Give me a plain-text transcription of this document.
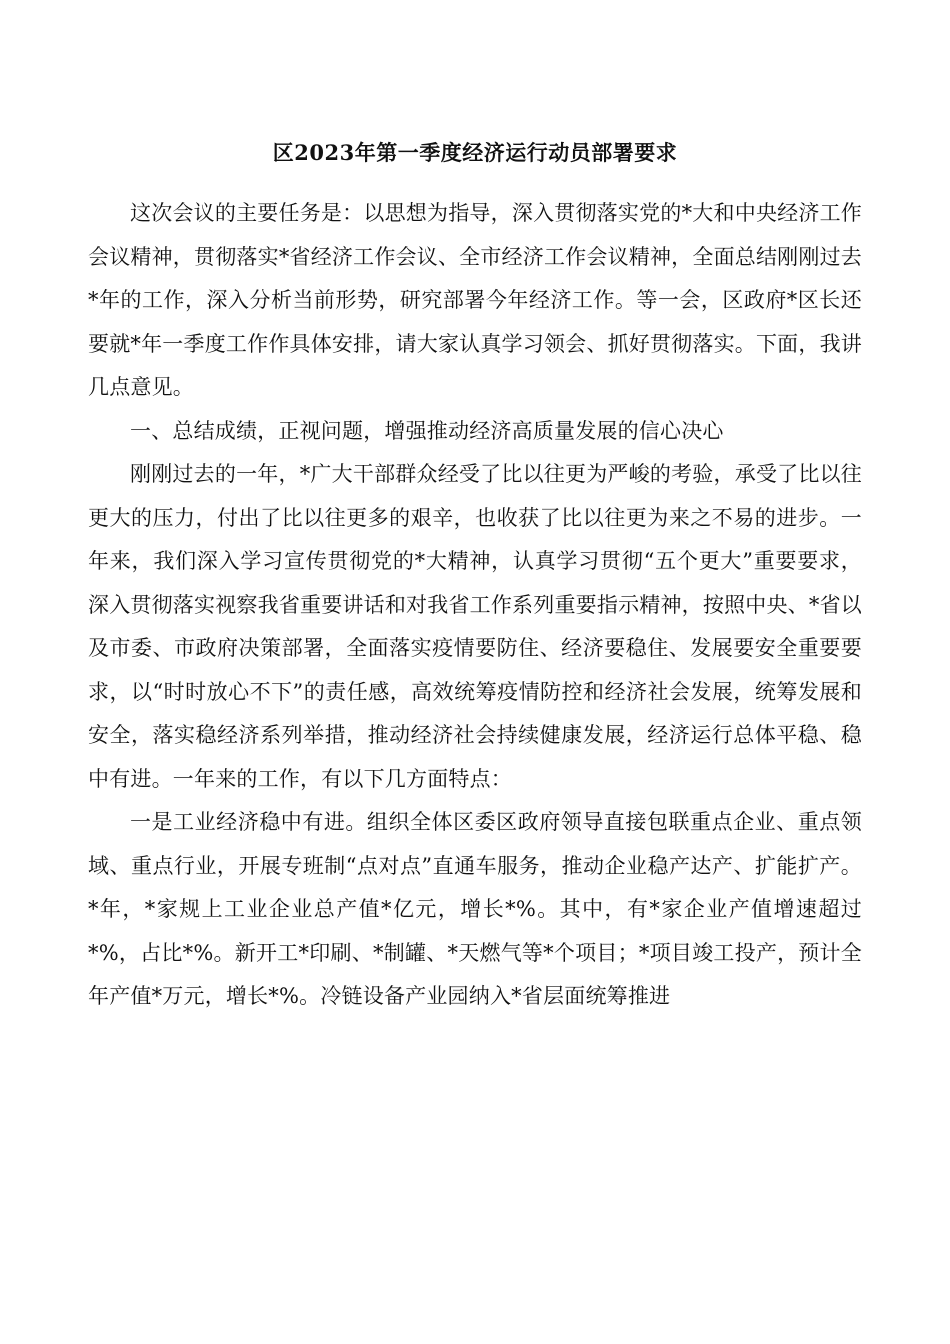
区2023年第一季度经济运行动员部署要求

这次会议的主要任务是：以思想为指导，深入贯彻落实党的*大和中央经济工作会议精神，贯彻落实*省经济工作会议、全市经济工作会议精神，全面总结刚刚过去*年的工作，深入分析当前形势，研究部署今年经济工作。等一会，区政府*区长还要就*年一季度工作作具体安排，请大家认真学习领会、抓好贯彻落实。下面，我讲几点意见。

一、总结成绩，正视问题，增强推动经济高质量发展的信心决心

刚刚过去的一年，*广大干部群众经受了比以往更为严峻的考验，承受了比以往更大的压力，付出了比以往更多的艰辛，也收获了比以往更为来之不易的进步。一年来，我们深入学习宣传贯彻党的*大精神，认真学习贯彻“五个更大”重要要求，深入贯彻落实视察我省重要讲话和对我省工作系列重要指示精神，按照中央、*省以及市委、市政府决策部署，全面落实疫情要防住、经济要稳住、发展要安全重要要求，以“时时放心不下”的责任感，高效统筹疫情防控和经济社会发展，统筹发展和安全，落实稳经济系列举措，推动经济社会持续健康发展，经济运行总体平稳、稳中有进。一年来的工作，有以下几方面特点：

一是工业经济稳中有进。组织全体区委区政府领导直接包联重点企业、重点领域、重点行业，开展专班制“点对点”直通车服务，推动企业稳产达产、扩能扩产。*年，*家规上工业企业总产值*亿元，增长*%。其中，有*家企业产值增速超过*%，占比*%。新开工*印刷、*制罐、*天燃气等*个项目；*项目竣工投产，预计全年产值*万元，增长*%。冷链设备产业园纳入*省层面统筹推进
